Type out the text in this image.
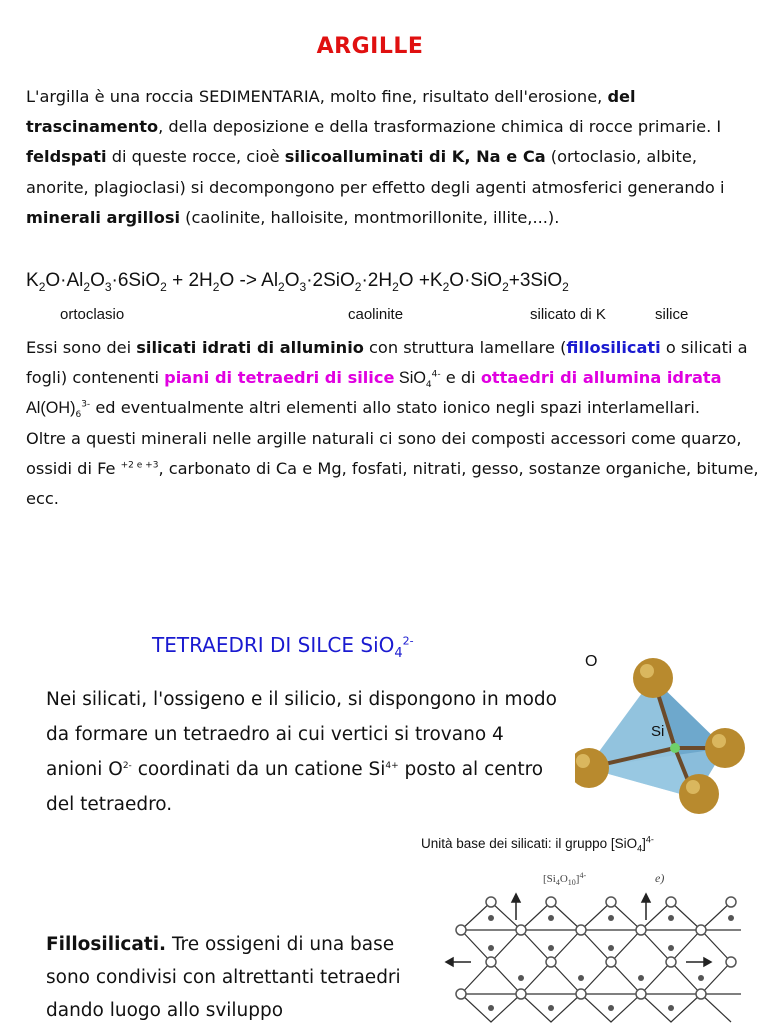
ARGILLE

L'argilla è una roccia SEDIMENTARIA, molto fine, risultato dell'erosione, del trascinamento, della deposizione e della trasformazione chimica di rocce primarie. I feldspati di queste rocce, cioè silicoalluminati di K, Na e Ca (ortoclasio, albite, anorite, plagioclasi) si decompongono per effetto degli agenti atmosferici generando i minerali argillosi (caolinite, halloisite, montmorillonite, illite,...).

$K_2O\cdot Al_2O_3\cdot 6SiO_2 + 2H_2O -> Al_2O_3\cdot 2SiO_2\cdot 2H_2O +K_2O\cdot SiO_2+3SiO_2$
ortoclasio	caolinite	silicato di K	silice

Essi sono dei silicati idrati di alluminio con struttura lamellare (fillosilicati o silicati a fogli) contenenti piani di tetraedri di silice SiO$_4^{4-}$ e di ottaedri di allumina idrata $Al(OH)_6^{3-}$ ed eventualmente altri elementi allo stato ionico negli spazi interlamellari.
Oltre a questi minerali nelle argille naturali ci sono dei composti accessori come quarzo, ossidi di Fe $^{+2 e +3}$, carbonato di Ca e Mg, fosfati, nitrati, gesso, sostanze organiche, bitume, ecc.

TETRAEDRI DI SILCE SiO$_4^{2-}$

Nei silicati, l'ossigeno e il silicio, si dispongono in modo da formare un tetraedro ai cui vertici si trovano 4 anioni $O^{2-}$ coordinati da un catione $Si^{4+}$ posto al centro del tetraedro.

O
Si
Unità base dei silicati: il gruppo $[SiO_4]^{4-}$
$[Si_4O_{10}]^{4-}$	e)

Fillosilicati. Tre ossigeni di una base sono condivisi con altrettanti tetraedri dando luogo allo sviluppo
